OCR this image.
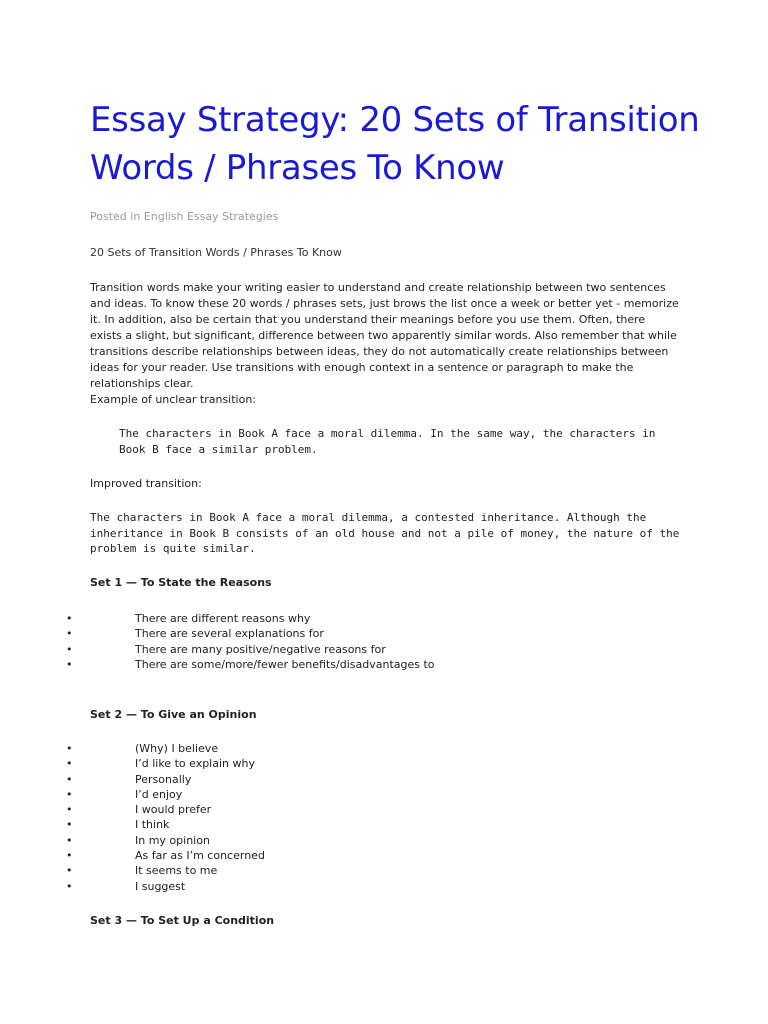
Essay Strategy: 20 Sets of Transition Words / Phrases To Know
Posted in English Essay Strategies
20 Sets of Transition Words / Phrases To Know

Transition words make your writing easier to understand and create relationship between two sentences and ideas. To know these 20 words / phrases sets, just brows the list once a week or better yet - memorize it. In addition, also be certain that you understand their meanings before you use them. Often, there exists a slight, but significant, difference between two apparently similar words. Also remember that while transitions describe relationships between ideas, they do not automatically create relationships between ideas for your reader. Use transitions with enough context in a sentence or paragraph to make the relationships clear.

Example of unclear transition:
The characters in Book A face a moral dilemma. In the same way, the characters in Book B face a similar problem.
Improved transition:
The characters in Book A face a moral dilemma, a contested inheritance. Although the inheritance in Book B consists of an old house and not a pile of money, the nature of the problem is quite similar.
Set 1 — To State the Reasons
•	There are different reasons why
•	There are several explanations for
•	There are many positive/negative reasons for
•	There are some/more/fewer benefits/disadvantages to
Set 2 — To Give an Opinion
•	(Why) I believe
•	I’d like to explain why
•	Personally
•	I’d enjoy
•	I would prefer
•	I think
•	In my opinion
•	As far as I’m concerned
•	It seems to me
•	I suggest
Set 3 — To Set Up a Condition
